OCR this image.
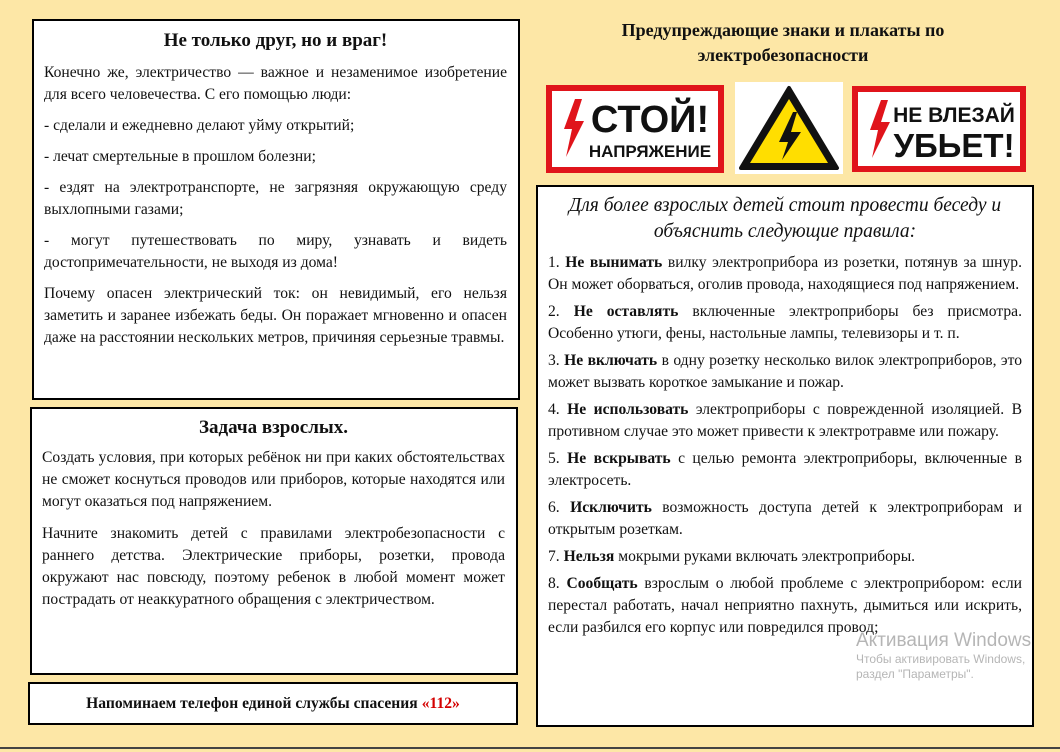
Не только друг, но и враг!

Конечно же, электричество — важное и незаменимое изобретение для всего человечества. С его помощью люди:

- сделали и ежедневно делают уйму открытий;

- лечат смертельные в прошлом болезни;

- ездят на электротранспорте, не загрязняя окружающую среду выхлопными газами;

- могут путешествовать по миру, узнавать и видеть достопримечательности, не выходя из дома!

Почему опасен электрический ток: он невидимый, его нельзя заметить и заранее избежать беды. Он поражает мгновенно и опасен даже на расстоянии нескольких метров, причиняя серьезные травмы.

Задача взрослых.

Создать условия, при которых ребёнок ни при каких обстоятельствах не сможет коснуться проводов или приборов, которые находятся или могут оказаться под напряжением.

Начните знакомить детей с правилами электробезопасности с раннего детства. Электрические приборы, розетки, провода окружают нас повсюду, поэтому ребенок в любой момент может пострадать от неаккуратного обращения с электричеством.

Напоминаем телефон единой службы спасения «112»
Предупреждающие знаки и плакаты по электробезопасности
СТОЙ!
НАПРЯЖЕНИЕ
НЕ ВЛЕЗАЙ
УБЬЕТ!

Для более взрослых детей стоит провести беседу и объяснить следующие правила:

1. Не вынимать вилку электроприбора из розетки, потянув за шнур. Он может оборваться, оголив провода, находящиеся под напряжением.

2. Не оставлять включенные электроприборы без присмотра. Особенно утюги, фены, настольные лампы, телевизоры и т. п.

3. Не включать в одну розетку несколько вилок электроприборов, это может вызвать короткое замыкание и пожар.

4. Не использовать электроприборы с поврежденной изоляцией. В противном случае это может привести к электротравме или пожару.

5. Не вскрывать с целью ремонта электроприборы, включенные в электросеть.

6. Исключить возможность доступа детей к электроприборам и открытым розеткам.

7. Нельзя мокрыми руками включать электроприборы.

8. Сообщать взрослым о любой проблеме с электроприбором: если перестал работать, начал неприятно пахнуть, дымиться или искрить, если разбился его корпус или повредился провод;

Активация Windows
Чтобы активировать Windows,
раздел "Параметры".
